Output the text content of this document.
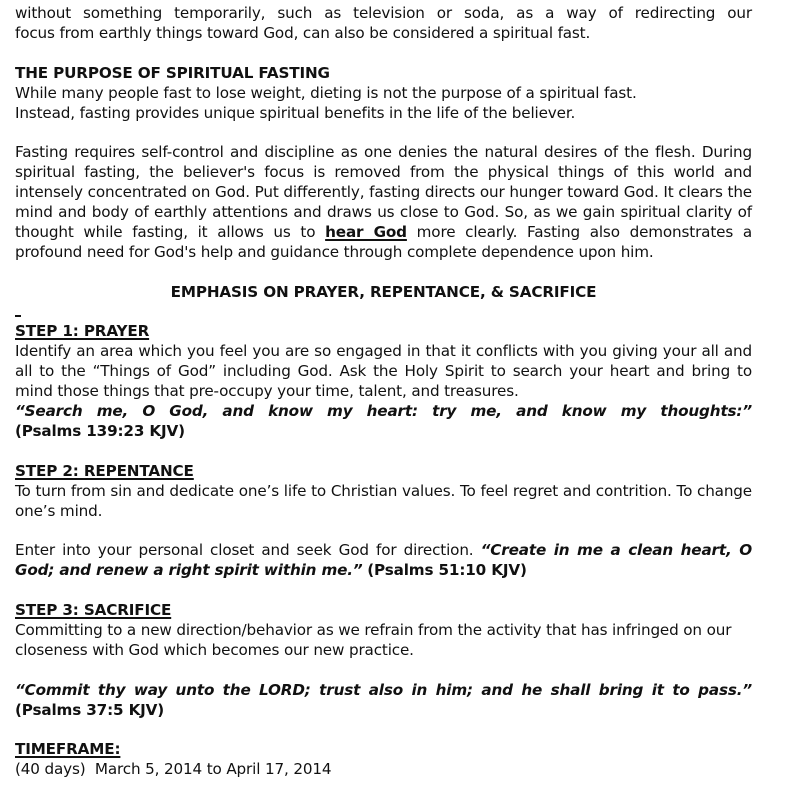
without something temporarily, such as television or soda, as a way of redirecting our

focus from earthly things toward God, can also be considered a spiritual fast.

THE PURPOSE OF SPIRITUAL FASTING

While many people fast to lose weight, dieting is not the purpose of a spiritual fast.

Instead, fasting provides unique spiritual benefits in the life of the believer.

Fasting requires self-control and discipline as one denies the natural desires of the flesh. During spiritual fasting, the believer's focus is removed from the physical things of this world and intensely concentrated on God. Put differently, fasting directs our hunger toward God. It clears the mind and body of earthly attentions and draws us close to God. So, as we gain spiritual clarity of thought while fasting, it allows us to hear God more clearly. Fasting also demonstrates a profound need for God's help and guidance through complete dependence upon him.

EMPHASIS ON PRAYER, REPENTANCE, & SACRIFICE

STEP 1: PRAYER

Identify an area which you feel you are so engaged in that it conflicts with you giving your all and all to the “Things of God” including God. Ask the Holy Spirit to search your heart and bring to mind those things that pre-occupy your time, talent, and treasures.

“Search me, O God, and know my heart: try me, and know my thoughts:”

(Psalms 139:23 KJV)

STEP 2: REPENTANCE

To turn from sin and dedicate one’s life to Christian values. To feel regret and contrition. To change one’s mind.

Enter into your personal closet and seek God for direction. “Create in me a clean heart, O God; and renew a right spirit within me.” (Psalms 51:10 KJV)

STEP 3: SACRIFICE

Committing to a new direction/behavior as we refrain from the activity that has infringed on our closeness with God which becomes our new practice.

“Commit thy way unto the LORD; trust also in him; and he shall bring it to pass.” (Psalms 37:5 KJV)

TIMEFRAME:

(40 days) March 5, 2014 to April 17, 2014
